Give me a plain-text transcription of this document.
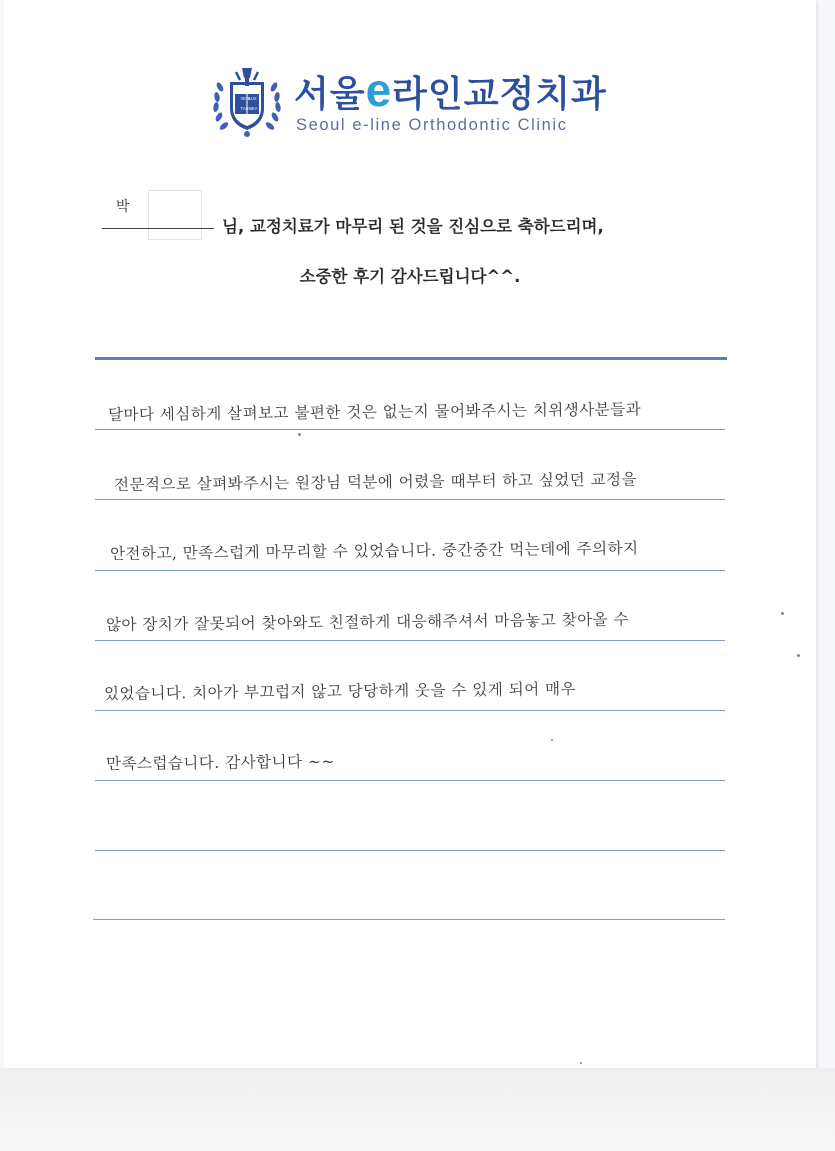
VERI
LUX
TAS MEA 서울e라인교정치과
Seoul e-line Orthodontic Clinic
박
님, 교정치료가 마무리 된 것을 진심으로 축하드리며,
소중한 후기 감사드립니다^^.
달마다 세심하게 살펴보고 불편한 것은 없는지 물어봐주시는 치위생사분들과
전문적으로 살펴봐주시는 원장님 덕분에 어렸을 때부터 하고 싶었던 교정을
안전하고, 만족스럽게 마무리할 수 있었습니다. 중간중간 먹는데에 주의하지
않아 장치가 잘못되어 찾아와도 친절하게 대응해주셔서 마음놓고 찾아올 수
있었습니다. 치아가 부끄럽지 않고 당당하게 웃을 수 있게 되어 매우
만족스럽습니다. 감사합니다 ~~
